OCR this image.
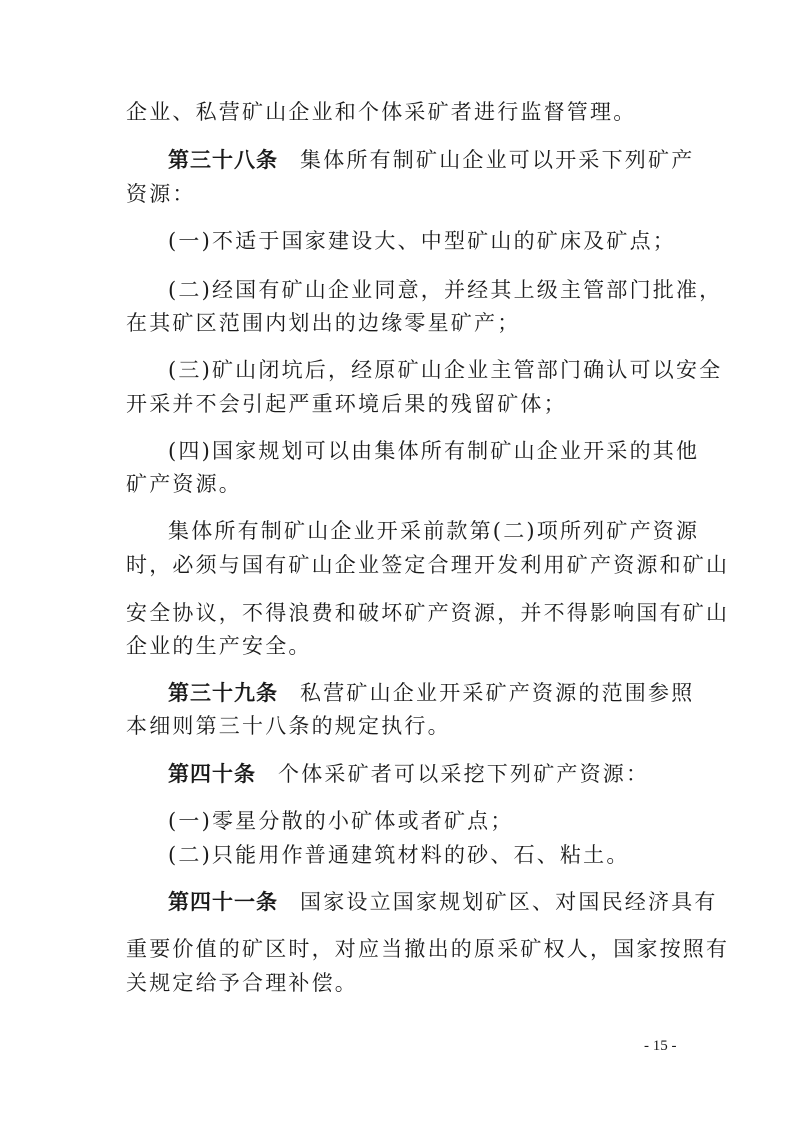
企业、私营矿山企业和个体采矿者进行监督管理。
第三十八条 集体所有制矿山企业可以开采下列矿产
资源：
(一)不适于国家建设大、中型矿山的矿床及矿点；
(二)经国有矿山企业同意，并经其上级主管部门批准，
在其矿区范围内划出的边缘零星矿产；
(三)矿山闭坑后，经原矿山企业主管部门确认可以安全
开采并不会引起严重环境后果的残留矿体；
(四)国家规划可以由集体所有制矿山企业开采的其他
矿产资源。
集体所有制矿山企业开采前款第(二)项所列矿产资源
时，必须与国有矿山企业签定合理开发利用矿产资源和矿山
安全协议，不得浪费和破坏矿产资源，并不得影响国有矿山
企业的生产安全。
第三十九条 私营矿山企业开采矿产资源的范围参照
本细则第三十八条的规定执行。
第四十条 个体采矿者可以采挖下列矿产资源：
(一)零星分散的小矿体或者矿点；
(二)只能用作普通建筑材料的砂、石、粘土。
第四十一条 国家设立国家规划矿区、对国民经济具有
重要价值的矿区时，对应当撤出的原采矿权人，国家按照有
关规定给予合理补偿。
- 15 -
